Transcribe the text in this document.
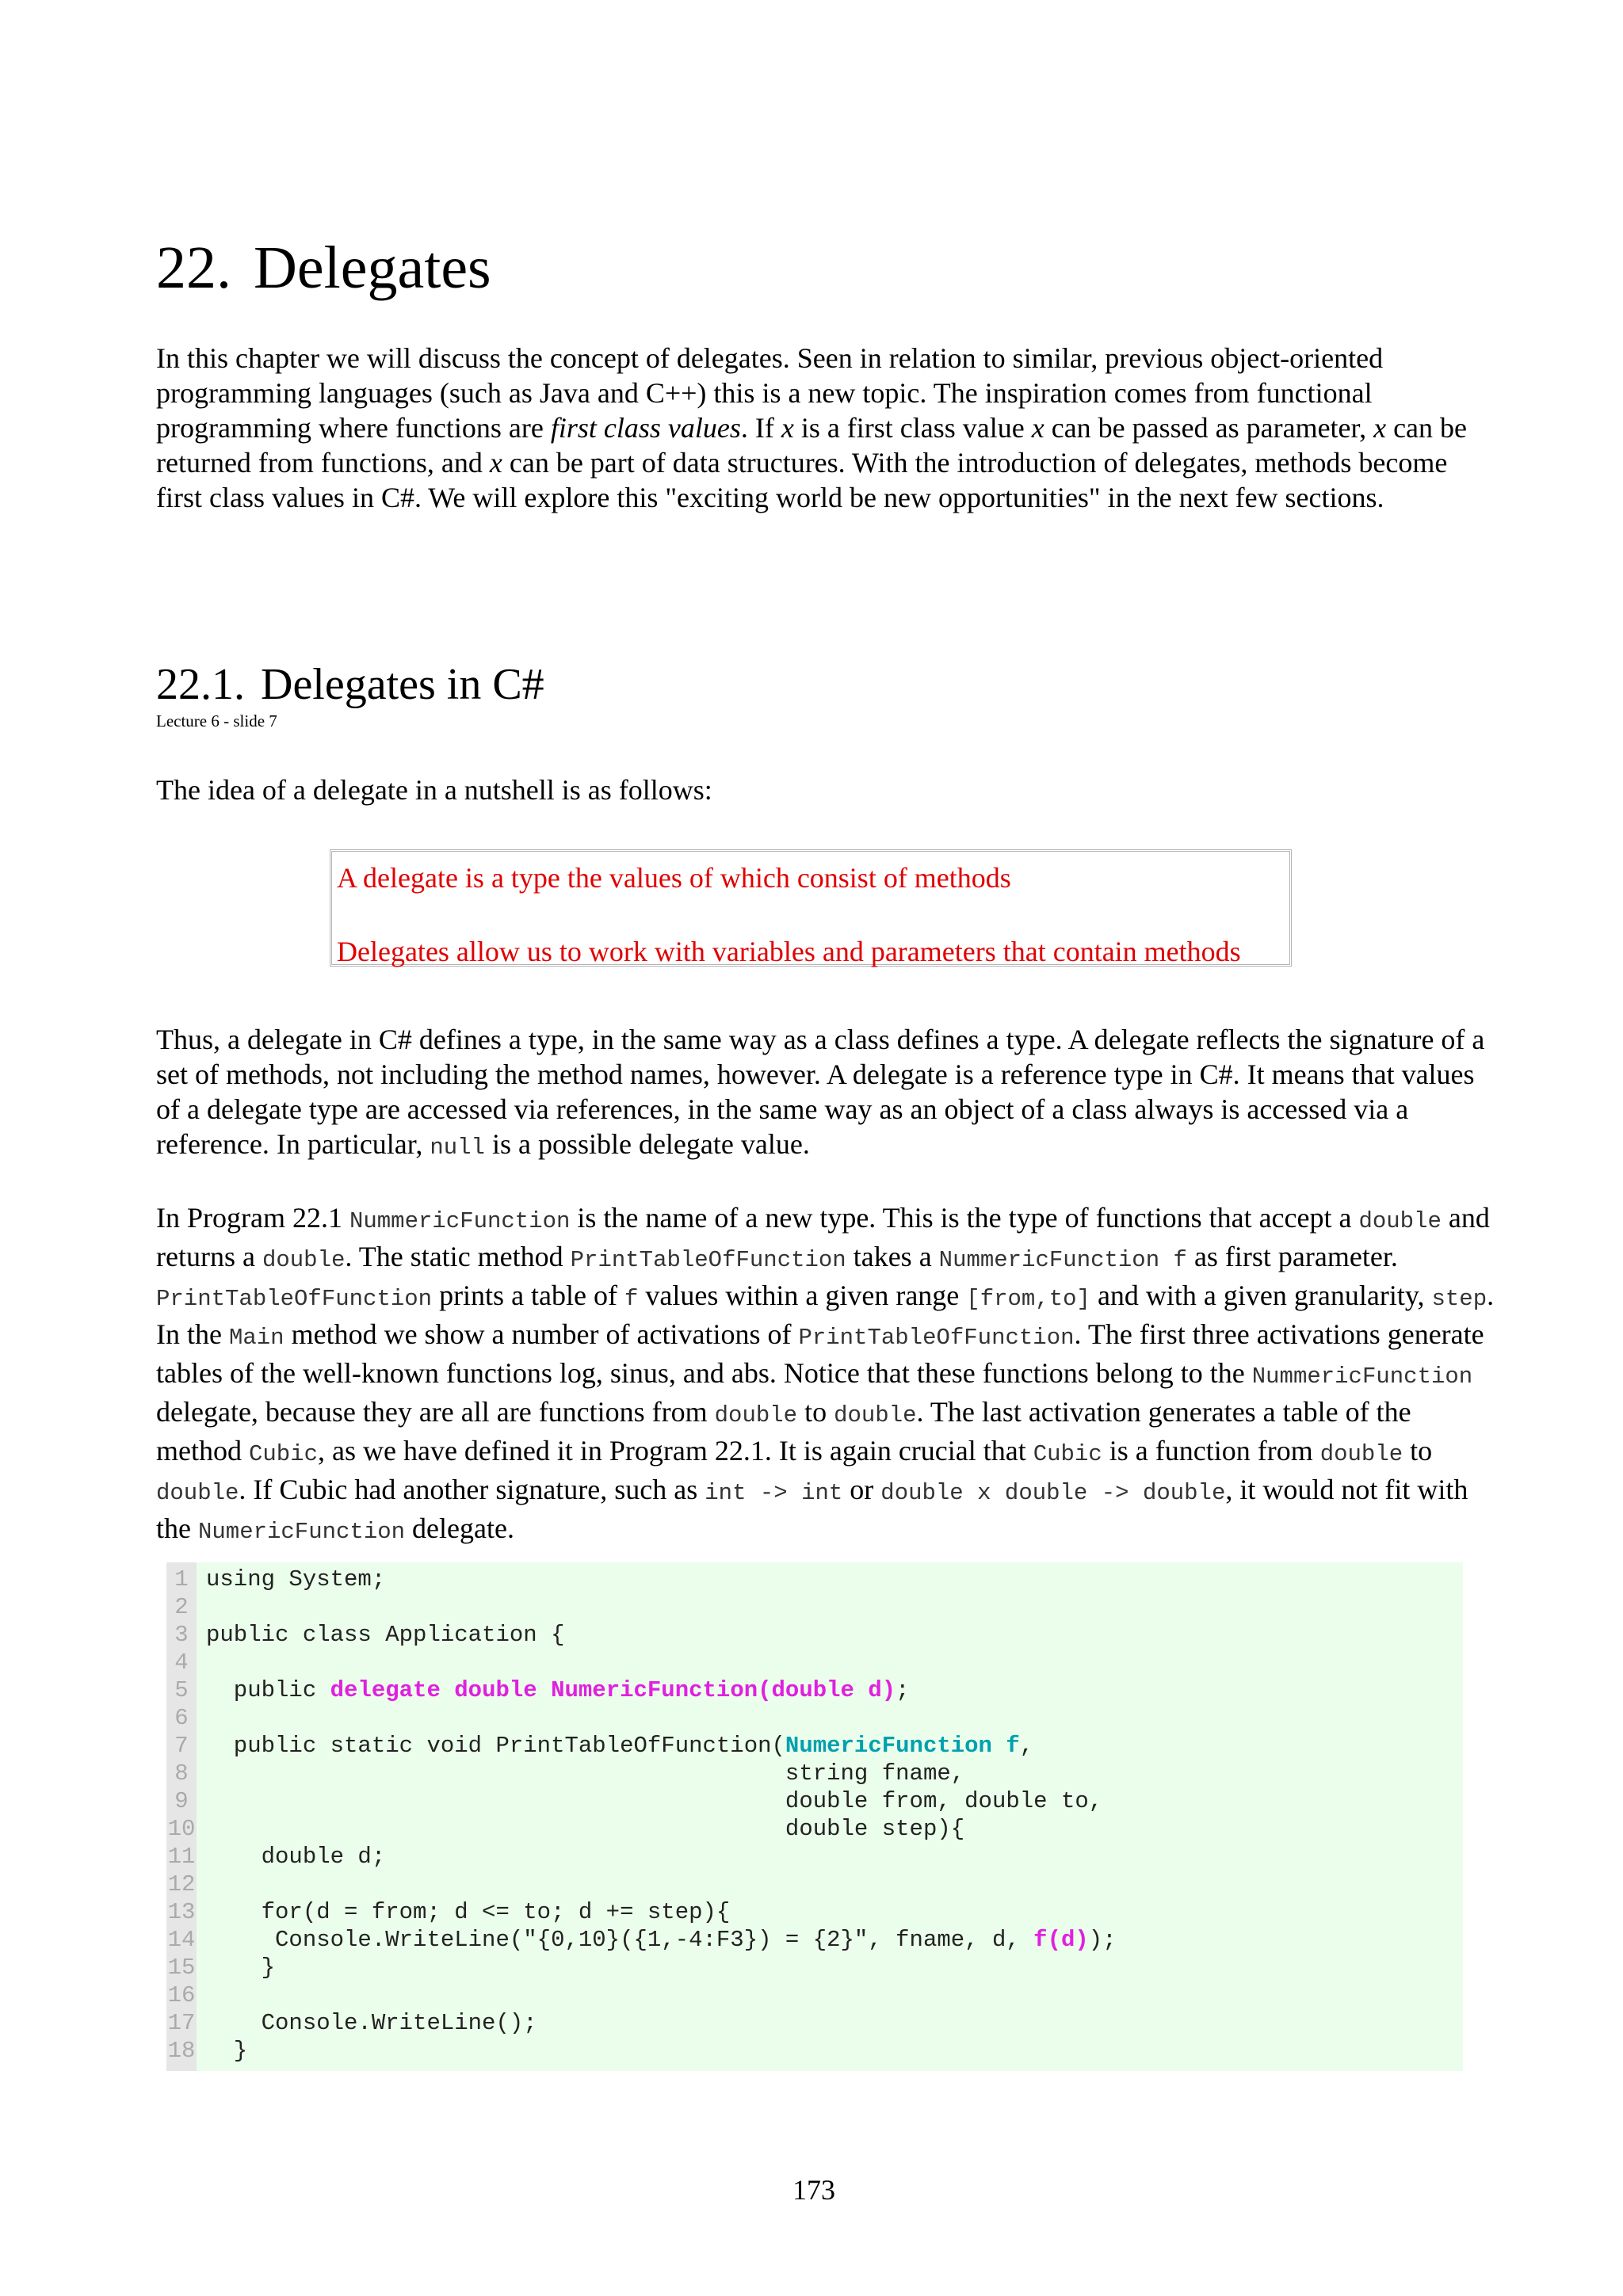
22. Delegates

In this chapter we will discuss the concept of delegates. Seen in relation to similar, previous object-oriented programming languages (such as Java and C++) this is a new topic. The inspiration comes from functional programming where functions are first class values. If x is a first class value x can be passed as parameter, x can be returned from functions, and x can be part of data structures. With the introduction of delegates, methods become first class values in C#. We will explore this "exciting world be new opportunities" in the next few sections.

22.1. Delegates in C#
Lecture 6 - slide 7

The idea of a delegate in a nutshell is as follows:

A delegate is a type the values of which consist of methods
Delegates allow us to work with variables and parameters that contain methods

Thus, a delegate in C# defines a type, in the same way as a class defines a type. A delegate reflects the signature of a set of methods, not including the method names, however. A delegate is a reference type in C#. It means that values of a delegate type are accessed via references, in the same way as an object of a class always is accessed via a reference. In particular, null is a possible delegate value.

In Program 22.1 NummericFunction is the name of a new type. This is the type of functions that accept a double and returns a double. The static method PrintTableOfFunction takes a NummericFunction f as first parameter. PrintTableOfFunction prints a table of f values within a given range [from,to] and with a given granularity, step. In the Main method we show a number of activations of PrintTableOfFunction. The first three activations generate tables of the well-known functions log, sinus, and abs. Notice that these functions belong to the NummericFunction delegate, because they are all are functions from double to double. The last activation generates a table of the method Cubic, as we have defined it in Program 22.1. It is again crucial that Cubic is a function from double to double. If Cubic had another signature, such as int -> int or double x double -> double, it would not fit with the NumericFunction delegate.

1 using System;
2
3 public class Application {
4
5 public delegate double NumericFunction(double d);
6
7 public static void PrintTableOfFunction(NumericFunction f,
8 string fname,
9 double from, double to,
10 double step){
11 double d;
12
13 for(d = from; d <= to; d += step){
14 Console.WriteLine("{0,10}({1,-4:F3}) = {2}", fname, d, f(d));
15 }
16
17 Console.WriteLine();
18 }
173
